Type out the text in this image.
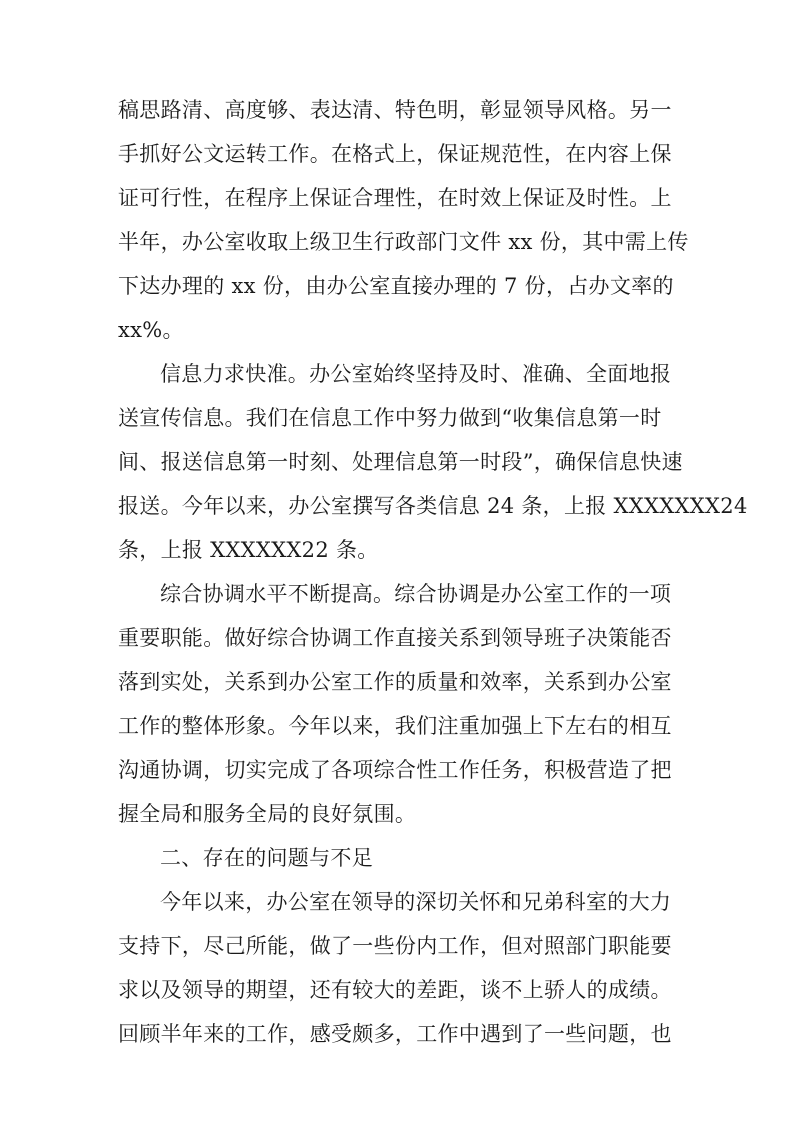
稿思路清、高度够、表达清、特色明，彰显领导风格。另一
手抓好公文运转工作。在格式上，保证规范性，在内容上保
证可行性，在程序上保证合理性，在时效上保证及时性。上
半年，办公室收取上级卫生行政部门文件 xx 份，其中需上传
下达办理的 xx 份，由办公室直接办理的 7 份，占办文率的
xx%。
信息力求快准。办公室始终坚持及时、准确、全面地报
送宣传信息。我们在信息工作中努力做到“收集信息第一时
间、报送信息第一时刻、处理信息第一时段”，确保信息快速
报送。今年以来，办公室撰写各类信息 24 条，上报 XXXXXXX24
条，上报 XXXXXX22 条。
综合协调水平不断提高。综合协调是办公室工作的一项
重要职能。做好综合协调工作直接关系到领导班子决策能否
落到实处，关系到办公室工作的质量和效率，关系到办公室
工作的整体形象。今年以来，我们注重加强上下左右的相互
沟通协调，切实完成了各项综合性工作任务，积极营造了把
握全局和服务全局的良好氛围。
二、存在的问题与不足
今年以来，办公室在领导的深切关怀和兄弟科室的大力
支持下，尽己所能，做了一些份内工作，但对照部门职能要
求以及领导的期望，还有较大的差距，谈不上骄人的成绩。
回顾半年来的工作，感受颇多，工作中遇到了一些问题，也
